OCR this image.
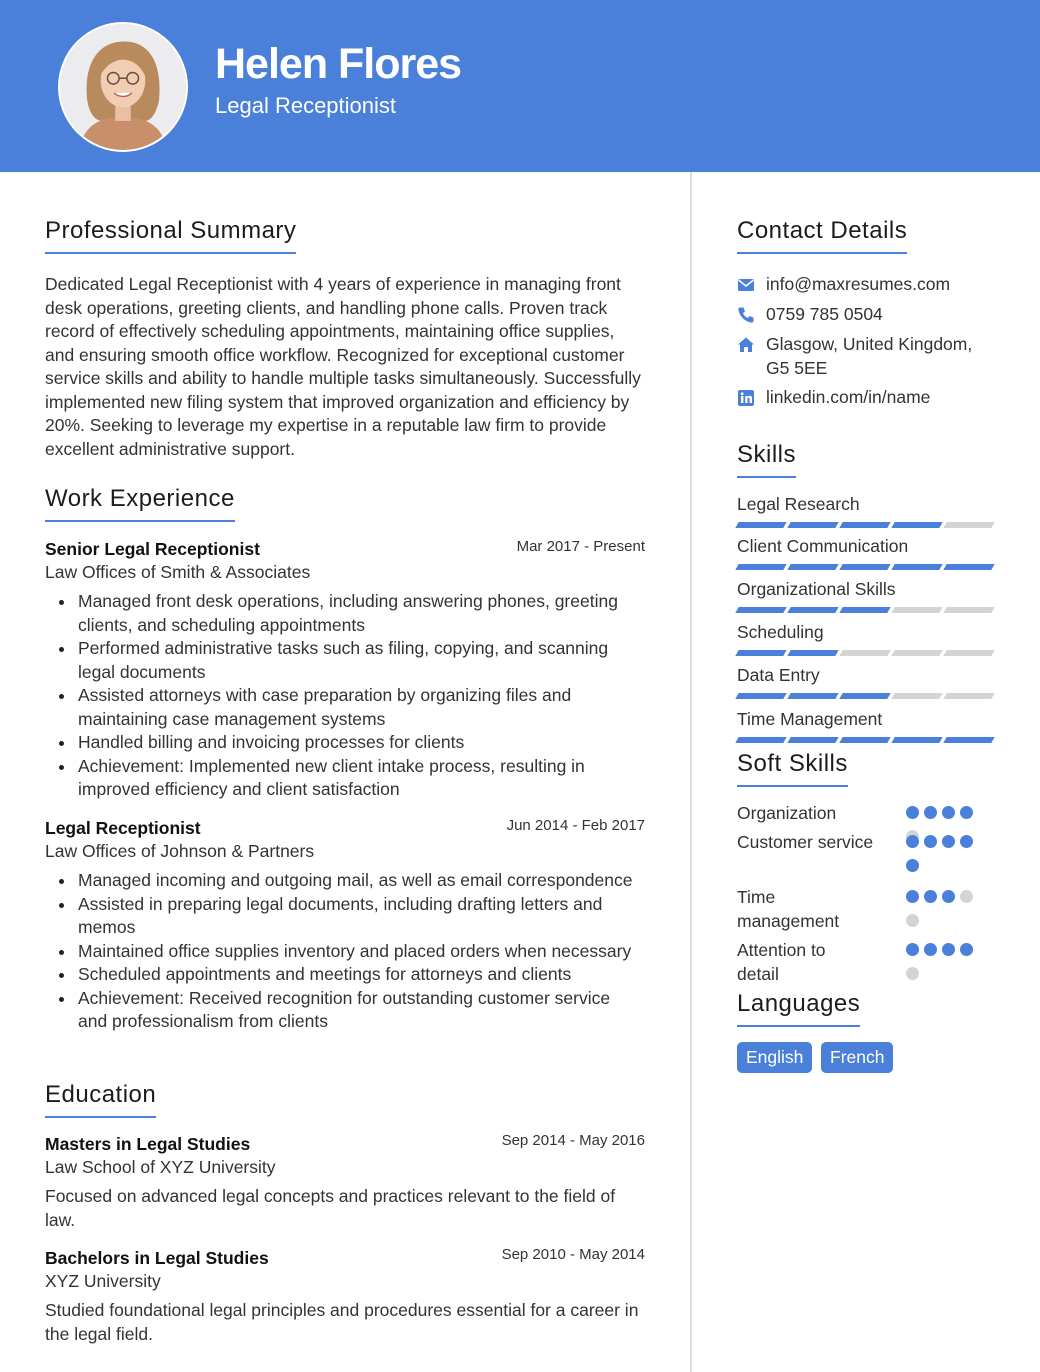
Helen Flores
Legal Receptionist
Professional Summary
Dedicated Legal Receptionist with 4 years of experience in managing front desk operations, greeting clients, and handling phone calls. Proven track record of effectively scheduling appointments, maintaining office supplies, and ensuring smooth office workflow. Recognized for exceptional customer service skills and ability to handle multiple tasks simultaneously. Successfully implemented new filing system that improved organization and efficiency by 20%. Seeking to leverage my expertise in a reputable law firm to provide excellent administrative support.
Work Experience
Senior Legal Receptionist	Mar 2017 - Present
Law Offices of Smith & Associates
Managed front desk operations, including answering phones, greeting clients, and scheduling appointments
Performed administrative tasks such as filing, copying, and scanning legal documents
Assisted attorneys with case preparation by organizing files and maintaining case management systems
Handled billing and invoicing processes for clients
Achievement: Implemented new client intake process, resulting in improved efficiency and client satisfaction
Legal Receptionist	Jun 2014 - Feb 2017
Law Offices of Johnson & Partners
Managed incoming and outgoing mail, as well as email correspondence
Assisted in preparing legal documents, including drafting letters and memos
Maintained office supplies inventory and placed orders when necessary
Scheduled appointments and meetings for attorneys and clients
Achievement: Received recognition for outstanding customer service and professionalism from clients
Education
Masters in Legal Studies	Sep 2014 - May 2016
Law School of XYZ University
Focused on advanced legal concepts and practices relevant to the field of law.
Bachelors in Legal Studies	Sep 2010 - May 2014
XYZ University
Studied foundational legal principles and procedures essential for a career in the legal field.
Contact Details
info@maxresumes.com
0759 785 0504
Glasgow, United Kingdom, G5 5EE
linkedin.com/in/name
Skills
Legal Research
Client Communication
Organizational Skills
Scheduling
Data Entry
Time Management
Soft Skills
Organization
Customer service
Time management
Attention to detail
Languages
English	French
